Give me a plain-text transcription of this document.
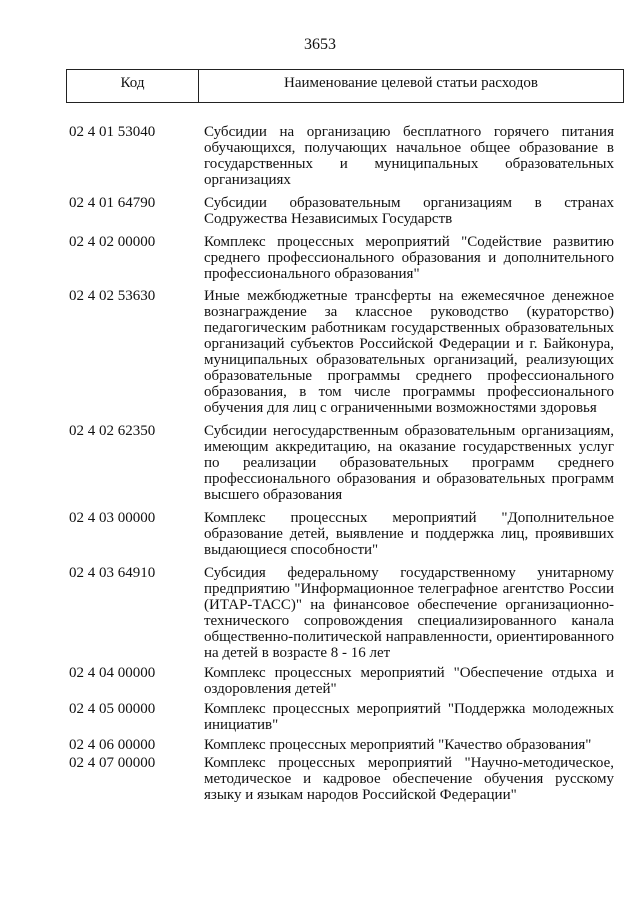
3653
Код	Наименование целевой статьи расходов
02 4 01 53040	Субсидии на организацию бесплатного горячего питания обучающихся, получающих начальное общее образование в государственных и муниципальных образовательных организациях
02 4 01 64790	Субсидии образовательным организациям в странах Содружества Независимых Государств
02 4 02 00000	Комплекс процессных мероприятий "Содействие развитию среднего профессионального образования и дополнительного профессионального образования"
02 4 02 53630	Иные межбюджетные трансферты на ежемесячное денежное вознаграждение за классное руководство (кураторство) педагогическим работникам государственных образовательных организаций субъектов Российской Федерации и г. Байконура, муниципальных образовательных организаций, реализующих образовательные программы среднего профессионального образования, в том числе программы профессионального обучения для лиц с ограниченными возможностями здоровья
02 4 02 62350	Субсидии негосударственным образовательным организациям, имеющим аккредитацию, на оказание государственных услуг по реализации образовательных программ среднего профессионального образования и образовательных программ высшего образования
02 4 03 00000	Комплекс процессных мероприятий "Дополнительное образование детей, выявление и поддержка лиц, проявивших выдающиеся способности"
02 4 03 64910	Субсидия федеральному государственному унитарному предприятию "Информационное телеграфное агентство России (ИТАР-ТАСС)" на финансовое обеспечение организационно-технического сопровождения специализированного канала общественно-политической направленности, ориентированного на детей в возрасте 8 - 16 лет
02 4 04 00000	Комплекс процессных мероприятий "Обеспечение отдыха и оздоровления детей"
02 4 05 00000	Комплекс процессных мероприятий "Поддержка молодежных инициатив"
02 4 06 00000	Комплекс процессных мероприятий "Качество образования"
02 4 07 00000	Комплекс процессных мероприятий "Научно-методическое, методическое и кадровое обеспечение обучения русскому языку и языкам народов Российской Федерации"
